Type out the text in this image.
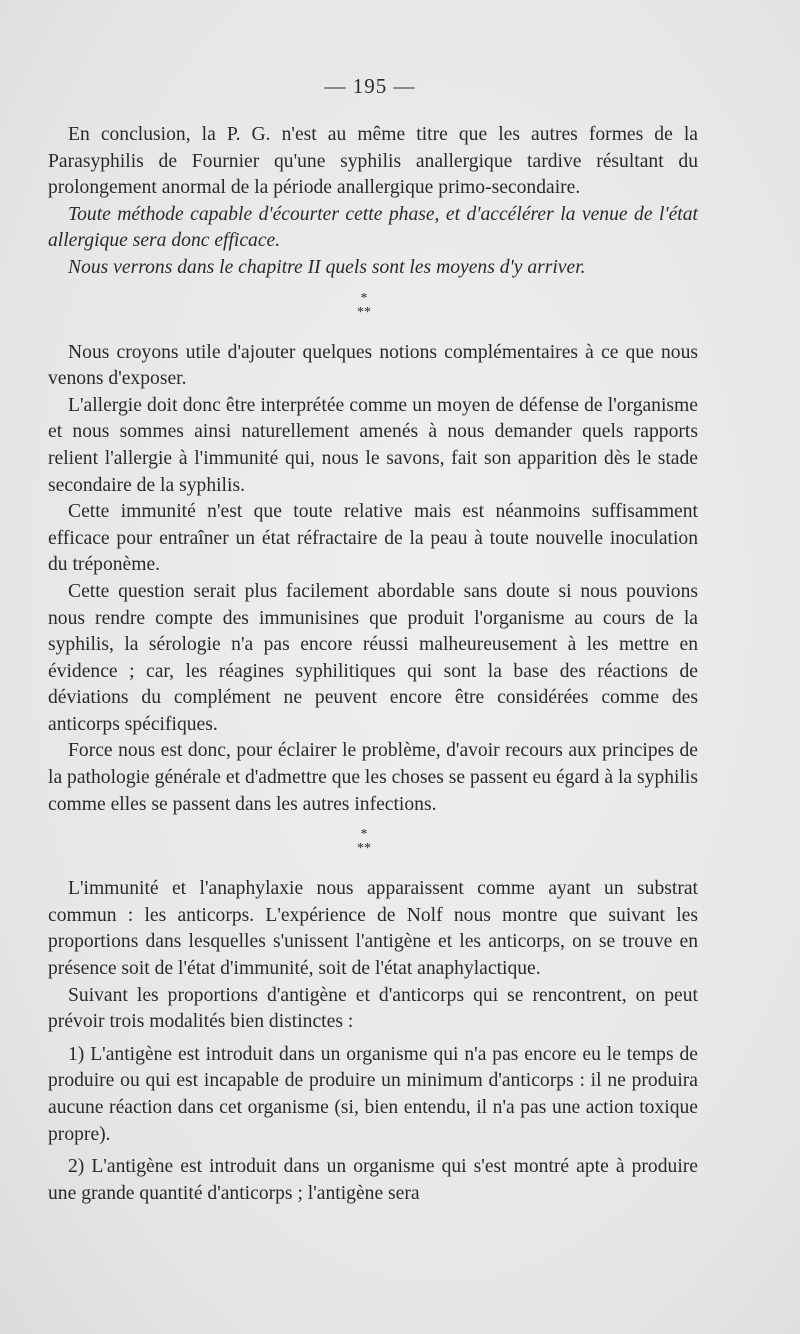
— 195 —

En conclusion, la P. G. n'est au même titre que les autres formes de la Parasyphilis de Fournier qu'une syphilis anallergique tardive résultant du prolongement anormal de la période anallergique primo-secondaire.

Toute méthode capable d'écourter cette phase, et d'accélérer la venue de l'état allergique sera donc efficace.

Nous verrons dans le chapitre II quels sont les moyens d'y arriver.

*
**

Nous croyons utile d'ajouter quelques notions complémentaires à ce que nous venons d'exposer.

L'allergie doit donc être interprétée comme un moyen de défense de l'organisme et nous sommes ainsi naturellement amenés à nous demander quels rapports relient l'allergie à l'immunité qui, nous le savons, fait son apparition dès le stade secondaire de la syphilis.

Cette immunité n'est que toute relative mais est néanmoins suffisamment efficace pour entraîner un état réfractaire de la peau à toute nouvelle inoculation du tréponème.

Cette question serait plus facilement abordable sans doute si nous pouvions nous rendre compte des immunisines que produit l'organisme au cours de la syphilis, la sérologie n'a pas encore réussi malheureusement à les mettre en évidence ; car, les réagines syphilitiques qui sont la base des réactions de déviations du complément ne peuvent encore être considérées comme des anticorps spécifiques.

Force nous est donc, pour éclairer le problème, d'avoir recours aux principes de la pathologie générale et d'admettre que les choses se passent eu égard à la syphilis comme elles se passent dans les autres infections.

*
**

L'immunité et l'anaphylaxie nous apparaissent comme ayant un substrat commun : les anticorps. L'expérience de Nolf nous montre que suivant les proportions dans lesquelles s'unissent l'antigène et les anticorps, on se trouve en présence soit de l'état d'immunité, soit de l'état anaphylactique.

Suivant les proportions d'antigène et d'anticorps qui se rencontrent, on peut prévoir trois modalités bien distinctes :

1) L'antigène est introduit dans un organisme qui n'a pas encore eu le temps de produire ou qui est incapable de produire un minimum d'anticorps : il ne produira aucune réaction dans cet organisme (si, bien entendu, il n'a pas une action toxique propre).

2) L'antigène est introduit dans un organisme qui s'est montré apte à produire une grande quantité d'anticorps ; l'antigène sera
